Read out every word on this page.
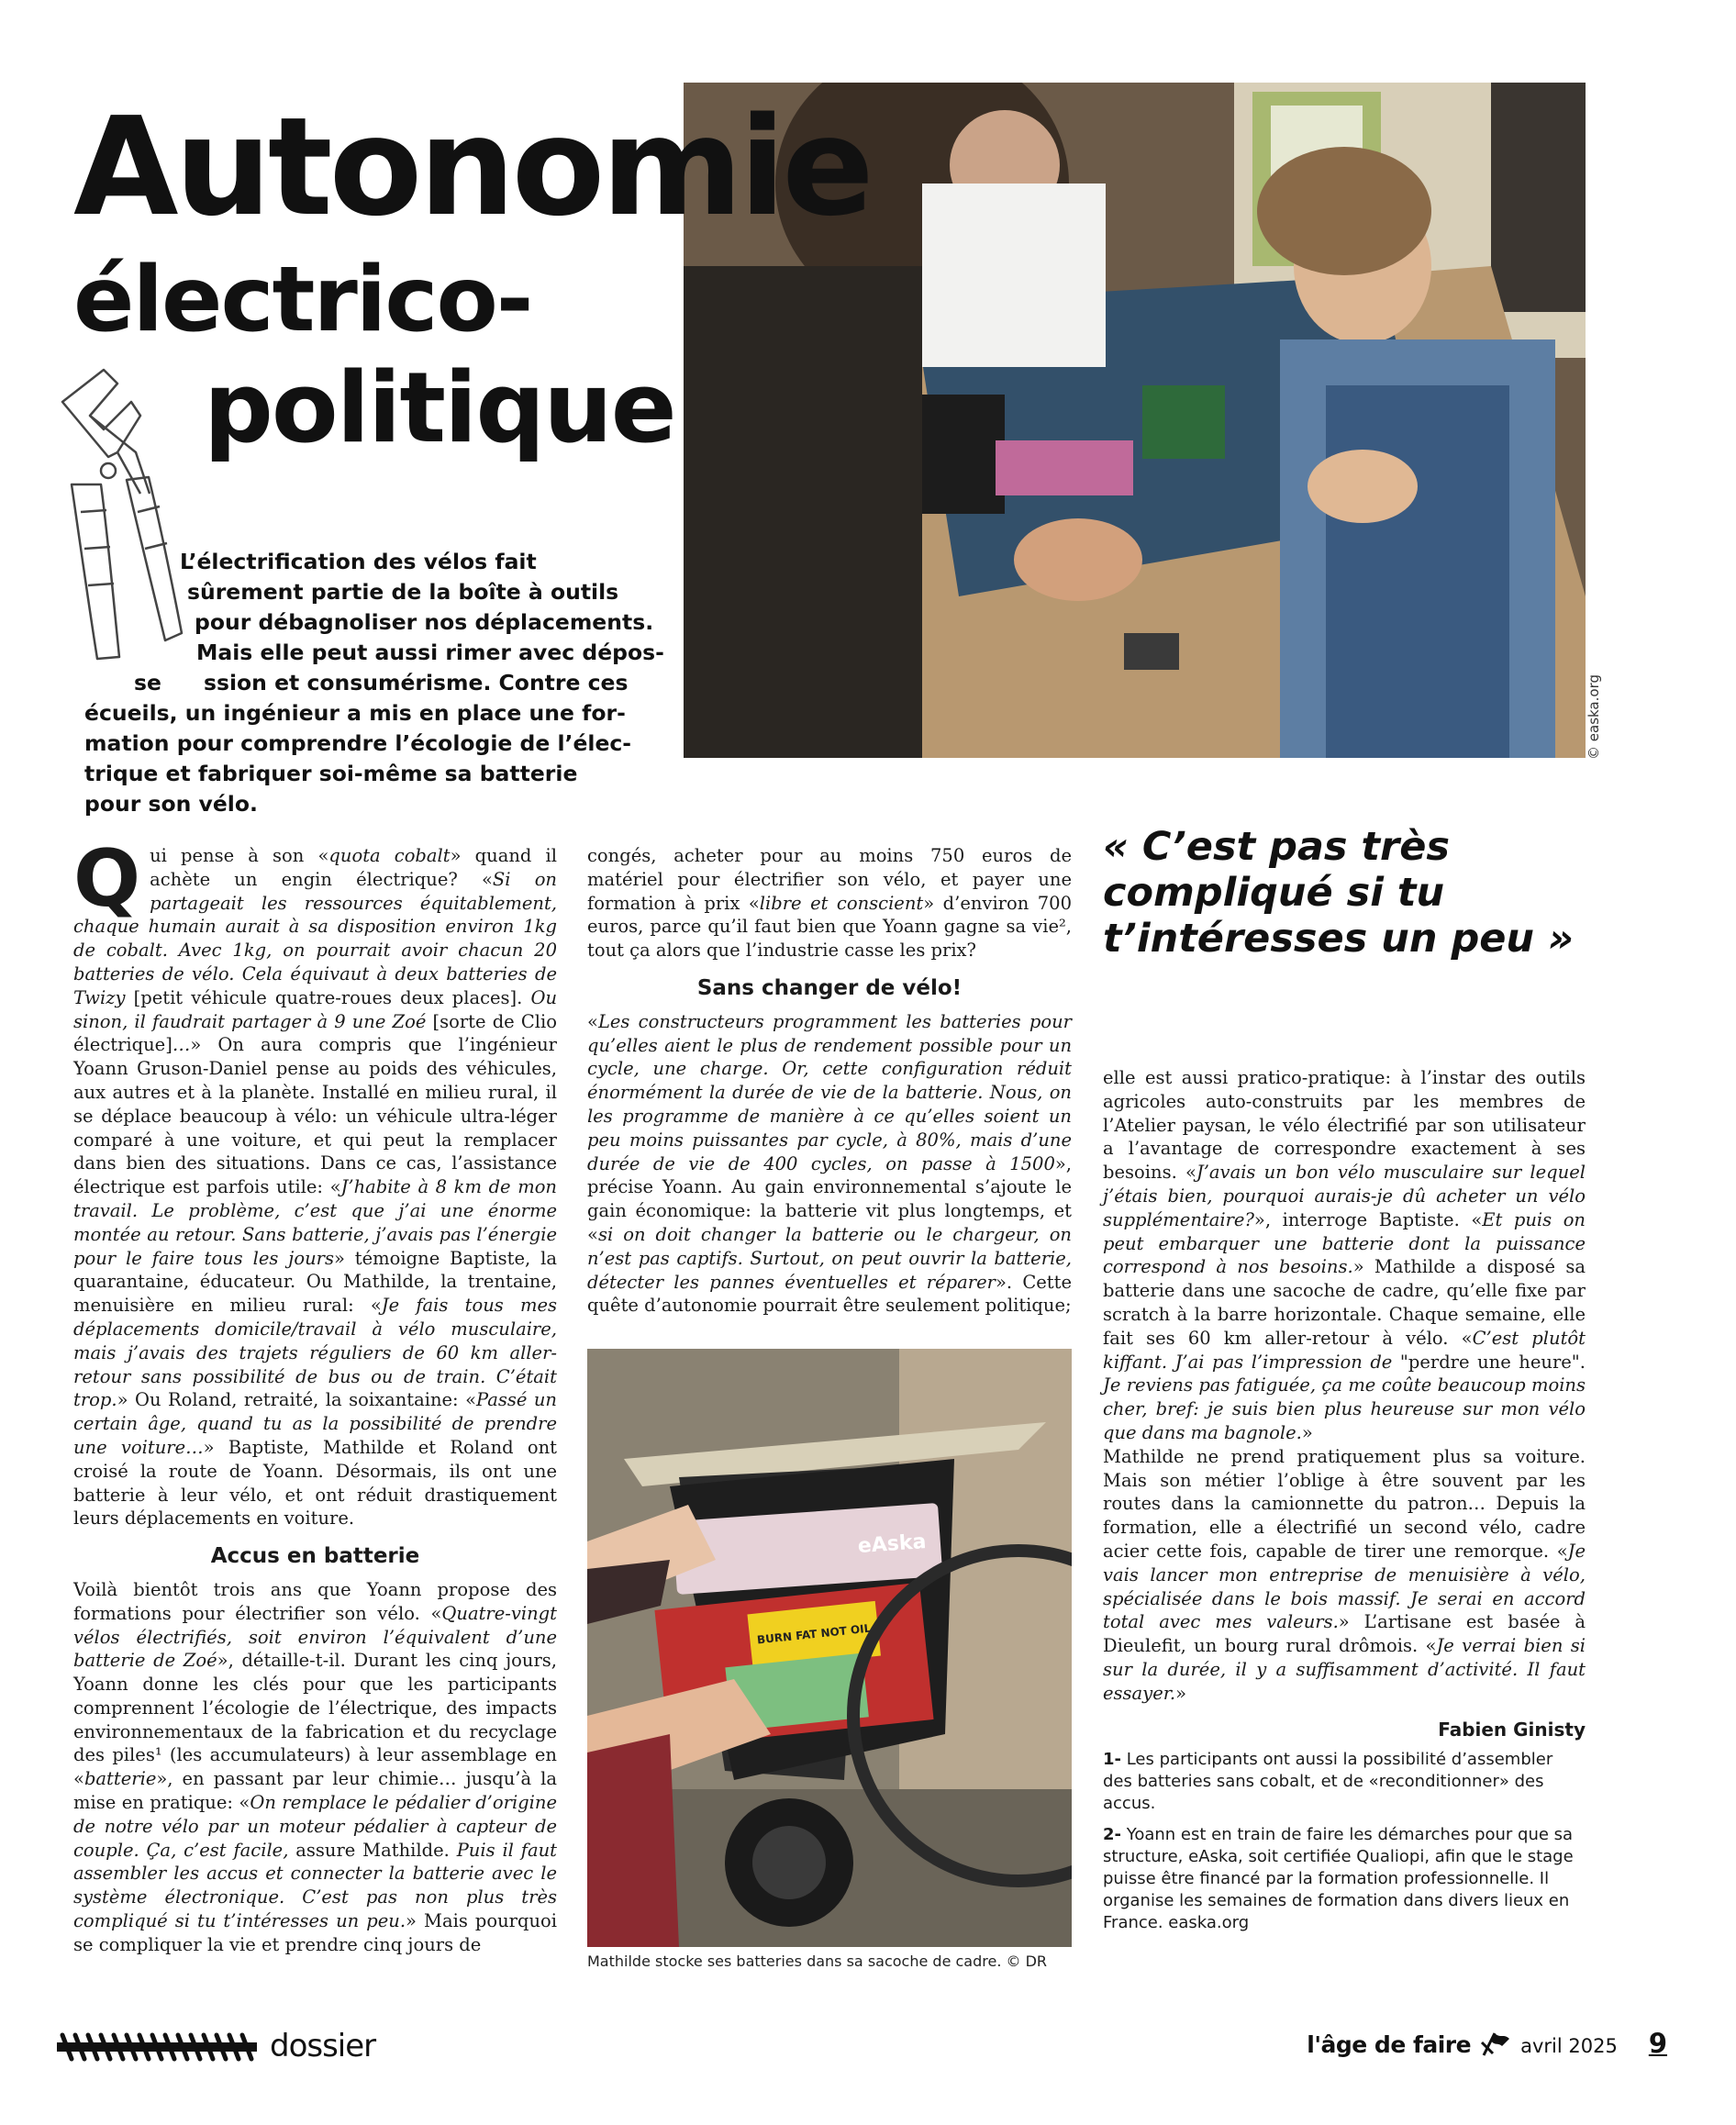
Autonomie
électrico-
politique
© easka.org
L’électrification des vélos fait
sûrement partie de la boîte à outils
pour débagnoliser nos déplacements.
Mais elle peut aussi rimer avec dépos-
se ssion et consumérisme. Contre ces
écueils, un ingénieur a mis en place une for-
mation pour comprendre l’écologie de l’élec-
trique et fabriquer soi-même sa batterie
pour son vélo.

Qui pense à son «quota cobalt» quand il achète un engin électrique? «Si on partageait les ressources équitablement, chaque humain aurait à sa disposition environ 1kg de cobalt. Avec 1kg, on pourrait avoir chacun 20 batteries de vélo. Cela équivaut à deux batteries de Twizy [petit véhicule quatre-roues deux places]. Ou sinon, il faudrait partager à 9 une Zoé [sorte de Clio électrique]…» On aura compris que l’ingénieur Yoann Gruson-Daniel pense au poids des véhicules, aux autres et à la planète. Installé en milieu rural, il se déplace beaucoup à vélo: un véhicule ultra-léger comparé à une voiture, et qui peut la remplacer dans bien des situations. Dans ce cas, l’assistance électrique est parfois utile: «J’habite à 8 km de mon travail. Le problème, c’est que j’ai une énorme montée au retour. Sans batterie, j’avais pas l’énergie pour le faire tous les jours» témoigne Baptiste, la quarantaine, éducateur. Ou Mathilde, la trentaine, menuisière en milieu rural: «Je fais tous mes déplacements domicile/travail à vélo musculaire, mais j’avais des trajets réguliers de 60 km aller-retour sans possibilité de bus ou de train. C’était trop.» Ou Roland, retraité, la soixantaine: «Passé un certain âge, quand tu as la possibilité de prendre une voiture…» Baptiste, Mathilde et Roland ont croisé la route de Yoann. Désormais, ils ont une batterie à leur vélo, et ont réduit drastiquement leurs déplacements en voiture.

Accus en batterie

Voilà bientôt trois ans que Yoann propose des formations pour électrifier son vélo. «Quatre-vingt vélos électrifiés, soit environ l’équivalent d’une batterie de Zoé», détaille-t-il. Durant les cinq jours, Yoann donne les clés pour que les participants comprennent l’écologie de l’électrique, des impacts environnementaux de la fabrication et du recyclage des piles¹ (les accumulateurs) à leur assemblage en «batterie», en passant par leur chimie… jusqu’à la mise en pratique: «On remplace le pédalier d’origine de notre vélo par un moteur pédalier à capteur de couple. Ça, c’est facile, assure Mathilde. Puis il faut assembler les accus et connecter la batterie avec le système électronique. C’est pas non plus très compliqué si tu t’intéresses un peu.» Mais pourquoi se compliquer la vie et prendre cinq jours de

congés, acheter pour au moins 750 euros de matériel pour électrifier son vélo, et payer une formation à prix «libre et conscient» d’environ 700 euros, parce qu’il faut bien que Yoann gagne sa vie², tout ça alors que l’industrie casse les prix?

Sans changer de vélo!

«Les constructeurs programment les batteries pour qu’elles aient le plus de rendement possible pour un cycle, une charge. Or, cette configuration réduit énormément la durée de vie de la batterie. Nous, on les programme de manière à ce qu’elles soient un peu moins puissantes par cycle, à 80%, mais d’une durée de vie de 400 cycles, on passe à 1500», précise Yoann. Au gain environnemental s’ajoute le gain économique: la batterie vit plus longtemps, et «si on doit changer la batterie ou le chargeur, on n’est pas captifs. Surtout, on peut ouvrir la batterie, détecter les pannes éventuelles et réparer». Cette quête d’autonomie pourrait être seulement politique;

eAska
BURN FAT NOT OIL
Mathilde stocke ses batteries dans sa sacoche de cadre. © DR
« C’est pas très compliqué si tu t’intéresses un peu »

elle est aussi pratico-pratique: à l’instar des outils agricoles auto-construits par les membres de l’Atelier paysan, le vélo électrifié par son utilisateur a l’avantage de correspondre exactement à ses besoins. «J’avais un bon vélo musculaire sur lequel j’étais bien, pourquoi aurais-je dû acheter un vélo supplémentaire?», interroge Baptiste. «Et puis on peut embarquer une batterie dont la puissance correspond à nos besoins.» Mathilde a disposé sa batterie dans une sacoche de cadre, qu’elle fixe par scratch à la barre horizontale. Chaque semaine, elle fait ses 60 km aller-retour à vélo. «C’est plutôt kiffant. J’ai pas l’impression de "perdre une heure". Je reviens pas fatiguée, ça me coûte beaucoup moins cher, bref: je suis bien plus heureuse sur mon vélo que dans ma bagnole.»

Mathilde ne prend pratiquement plus sa voiture. Mais son métier l’oblige à être souvent par les routes dans la camionnette du patron… Depuis la formation, elle a électrifié un second vélo, cadre acier cette fois, capable de tirer une remorque. «Je vais lancer mon entreprise de menuisière à vélo, spécialisée dans le bois massif. Je serai en accord total avec mes valeurs.» L’artisane est basée à Dieulefit, un bourg rural drômois. «Je verrai bien si sur la durée, il y a suffisamment d’activité. Il faut essayer.»

Fabien Ginisty

1- Les participants ont aussi la possibilité d’assembler des batteries sans cobalt, et de «reconditionner» des accus.

2- Yoann est en train de faire les démarches pour que sa structure, eAska, soit certifiée Qualiopi, afin que le stage puisse être financé par la formation professionnelle. Il organise les semaines de formation dans divers lieux en France. easka.org

dossier	l'âge de faire	avril 2025 9
